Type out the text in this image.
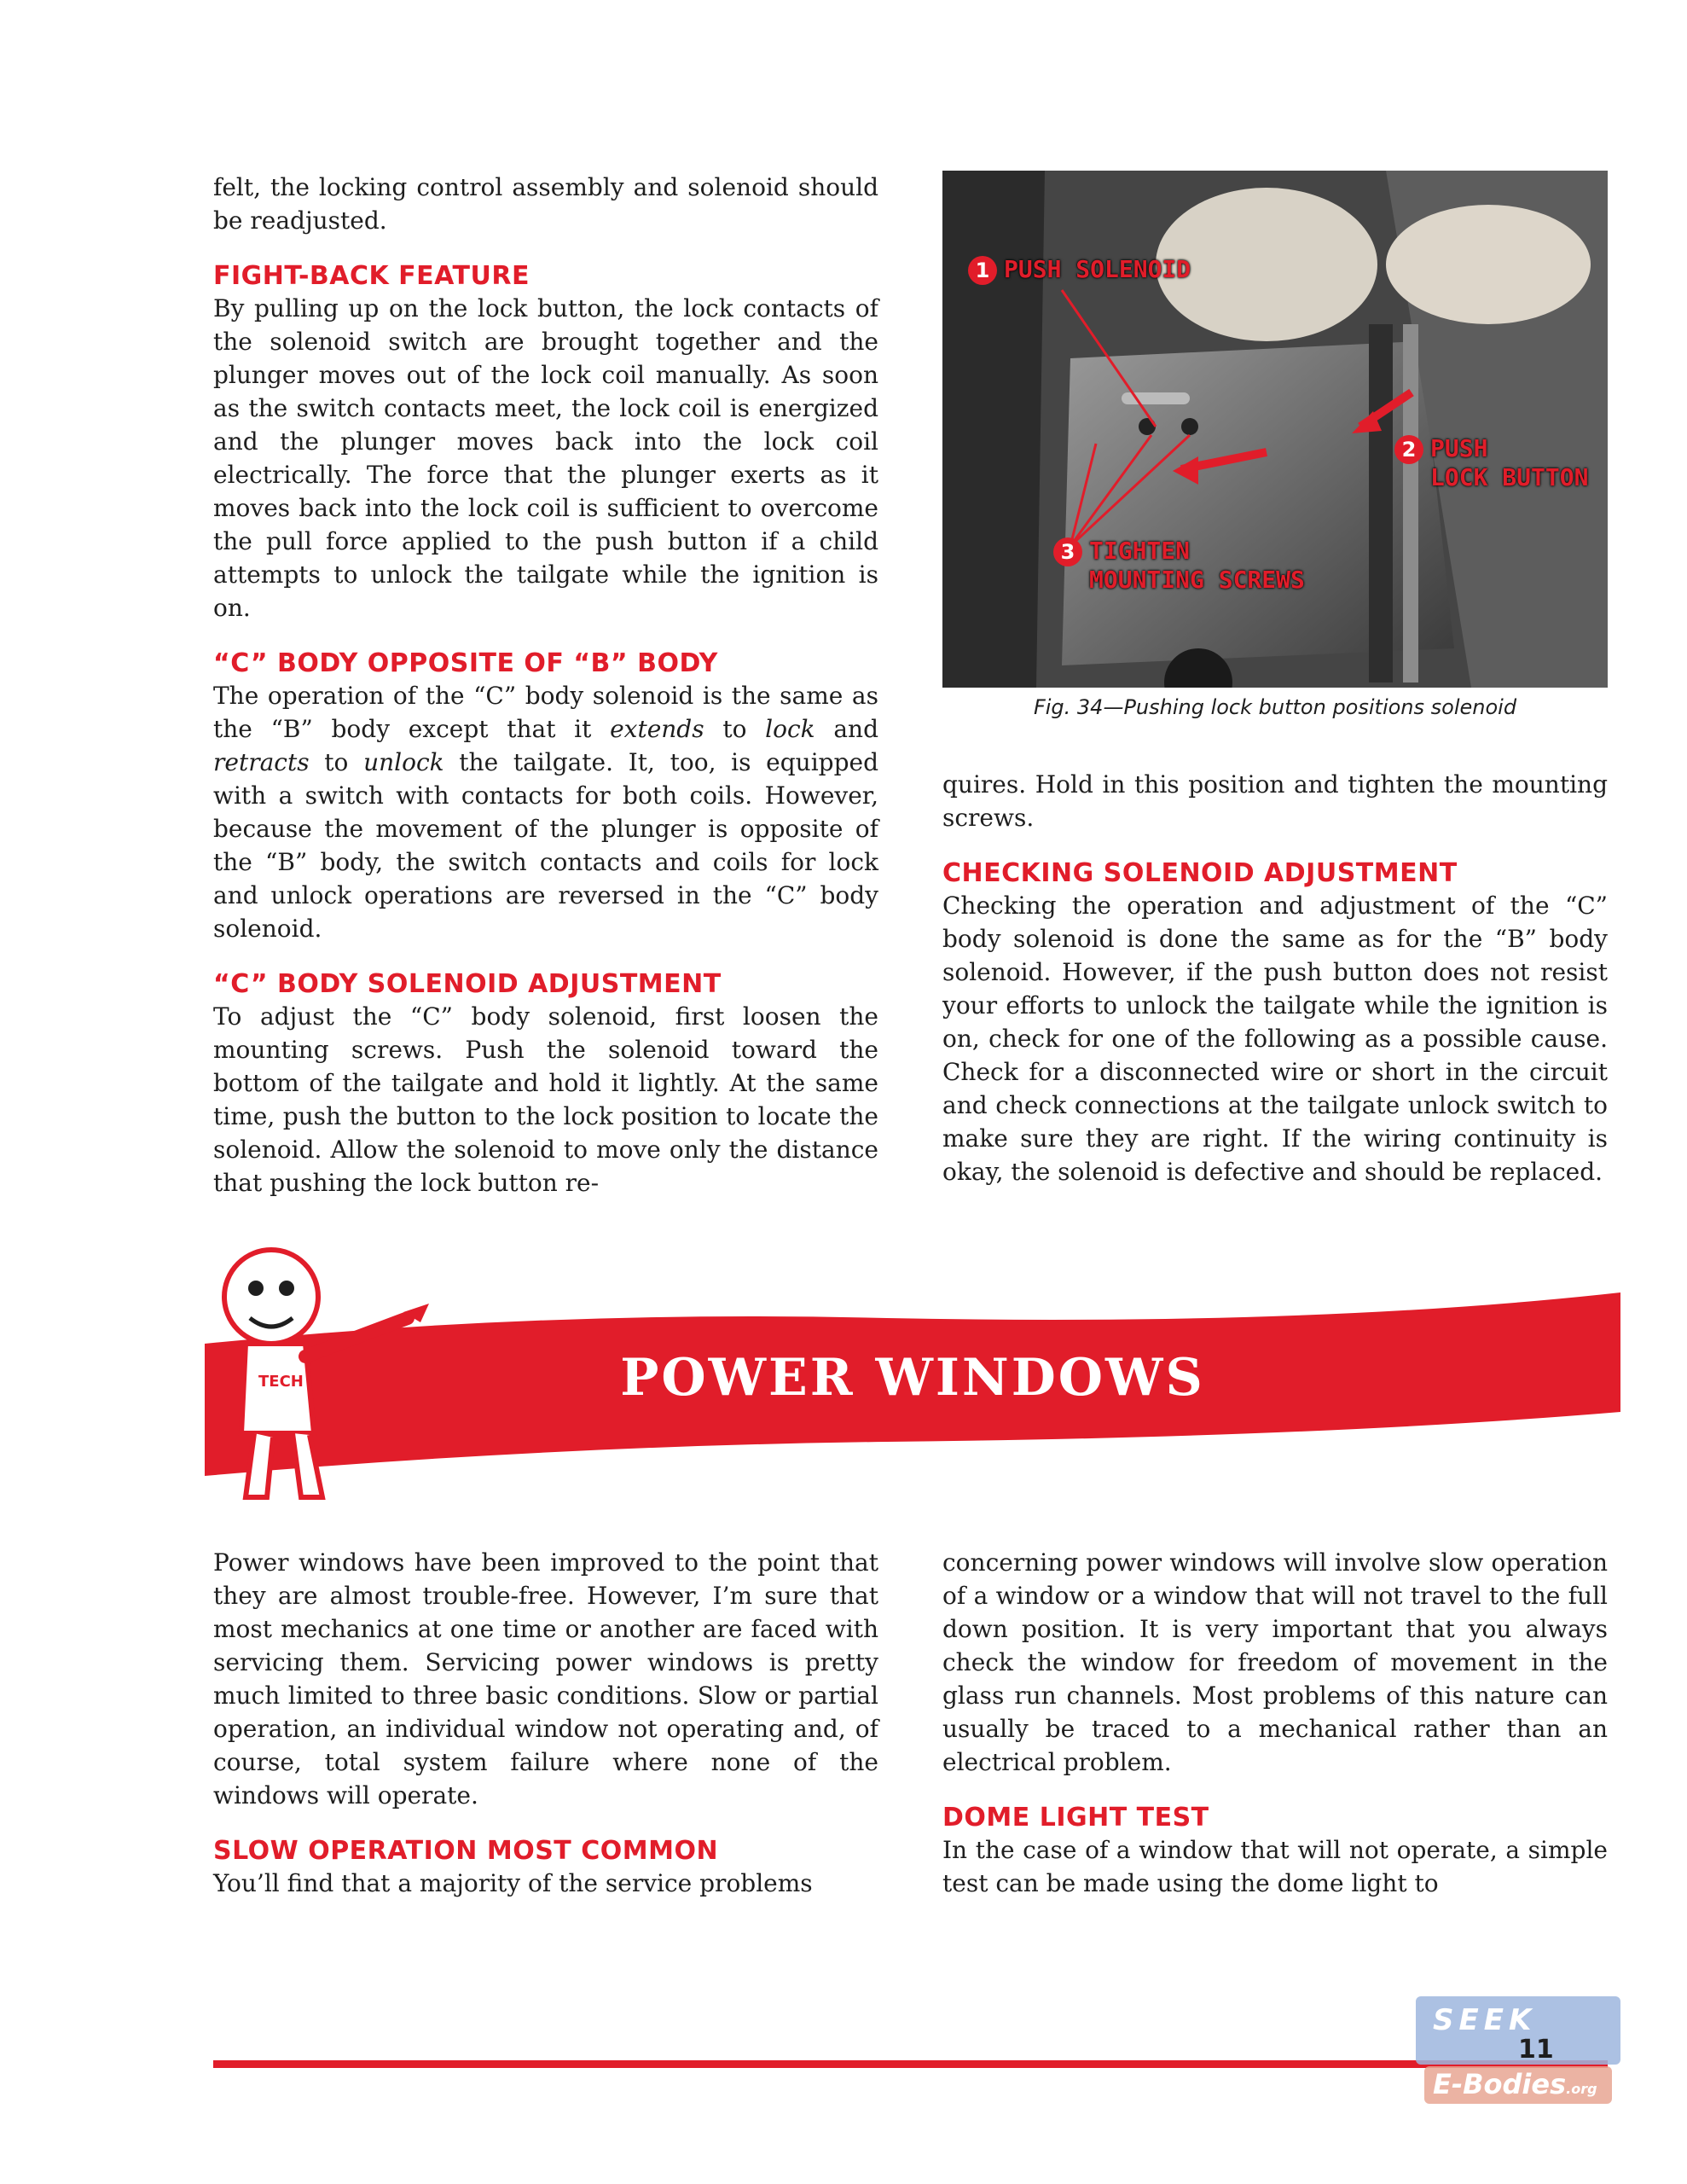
felt, the locking control assembly and solenoid should be readjusted.

FIGHT-BACK FEATURE

By pulling up on the lock button, the lock contacts of the solenoid switch are brought together and the plunger moves out of the lock coil manually. As soon as the switch contacts meet, the lock coil is energized and the plunger moves back into the lock coil electrically. The force that the plunger exerts as it moves back into the lock coil is sufficient to overcome the pull force applied to the push button if a child attempts to unlock the tailgate while the ignition is on.

“C” BODY OPPOSITE OF “B” BODY

The operation of the “C” body solenoid is the same as the “B” body except that it extends to lock and retracts to unlock the tailgate. It, too, is equipped with a switch with contacts for both coils. However, because the movement of the plunger is opposite of the “B” body, the switch contacts and coils for lock and unlock operations are reversed in the “C” body solenoid.

“C” BODY SOLENOID ADJUSTMENT

To adjust the “C” body solenoid, first loosen the mounting screws. Push the solenoid toward the bottom of the tailgate and hold it lightly. At the same time, push the button to the lock position to locate the solenoid. Allow the solenoid to move only the distance that pushing the lock button re-

1 PUSH SOLENOID
2 PUSH
LOCK BUTTON
3 TIGHTEN
MOUNTING SCREWS
Fig. 34—Pushing lock button positions solenoid

quires. Hold in this position and tighten the mounting screws.

CHECKING SOLENOID ADJUSTMENT

Checking the operation and adjustment of the “C” body solenoid is done the same as for the “B” body solenoid. However, if the push button does not resist your efforts to unlock the tailgate while the ignition is on, check for one of the following as a possible cause. Check for a disconnected wire or short in the circuit and check connections at the tailgate unlock switch to make sure they are right. If the wiring continuity is okay, the solenoid is defective and should be replaced.

POWER WINDOWS
TECH

Power windows have been improved to the point that they are almost trouble-free. However, I’m sure that most mechanics at one time or another are faced with servicing them. Servicing power windows is pretty much limited to three basic conditions. Slow or partial operation, an individual window not operating and, of course, total system failure where none of the windows will operate.

SLOW OPERATION MOST COMMON

You’ll find that a majority of the service problems

concerning power windows will involve slow operation of a window or a window that will not travel to the full down position. It is very important that you always check the window for freedom of movement in the glass run channels. Most problems of this nature can usually be traced to a mechanical rather than an electrical problem.

DOME LIGHT TEST

In the case of a window that will not operate, a simple test can be made using the dome light to

SEEK
11
E-Bodies.org
